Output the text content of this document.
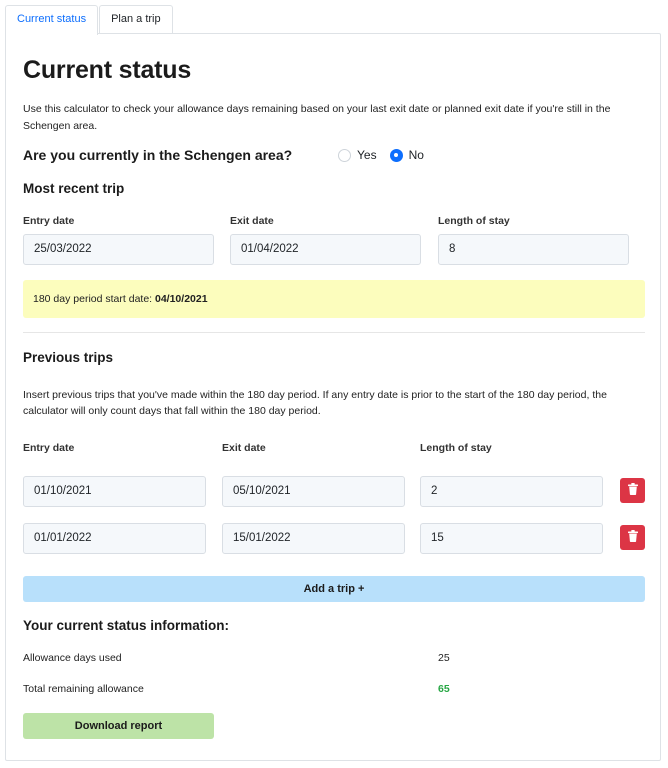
Current status	Plan a trip
Current status

Use this calculator to check your allowance days remaining based on your last exit date or planned exit date if you're still in the Schengen area.

Are you currently in the Schengen area?	Yes	No
Most recent trip
Entry date	Exit date	Length of stay
25/03/2022	01/04/2022	8
180 day period start date: 04/10/2021
Previous trips

Insert previous trips that you've made within the 180 day period. If any entry date is prior to the start of the 180 day period, the calculator will only count days that fall within the 180 day period.

Entry date	Exit date	Length of stay
01/10/2021	05/10/2021	2
01/01/2022	15/01/2022	15
Add a trip +
Your current status information:
Allowance days used	25
Total remaining allowance	65
Download report
